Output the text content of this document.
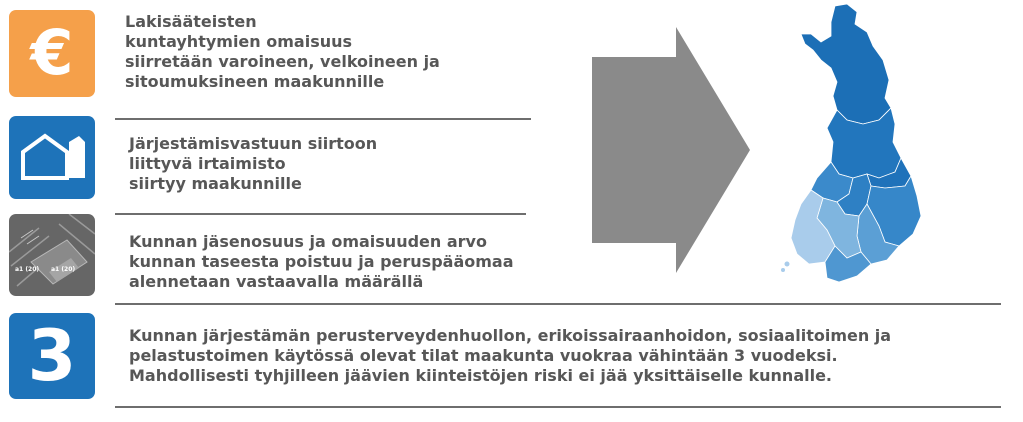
€	Lakisääteisten
kuntayhtymien omaisuus
siirretään varoineen, velkoineen ja
sitoumuksineen maakunnille
Järjestämisvastuun siirtoon
liittyvä irtaimisto
siirtyy maakunnille
a1 (20) a1 (20)
Kunnan jäsenosuus ja omaisuuden arvo
kunnan taseesta poistuu ja peruspääomaa
alennetaan vastaavalla määrällä
3	Kunnan järjestämän perusterveydenhuollon, erikoissairaanhoidon, sosiaalitoimen ja
pelastustoimen käytössä olevat tilat maakunta vuokraa vähintään 3 vuodeksi.
Mahdollisesti tyhjilleen jäävien kiinteistöjen riski ei jää yksittäiselle kunnalle.
